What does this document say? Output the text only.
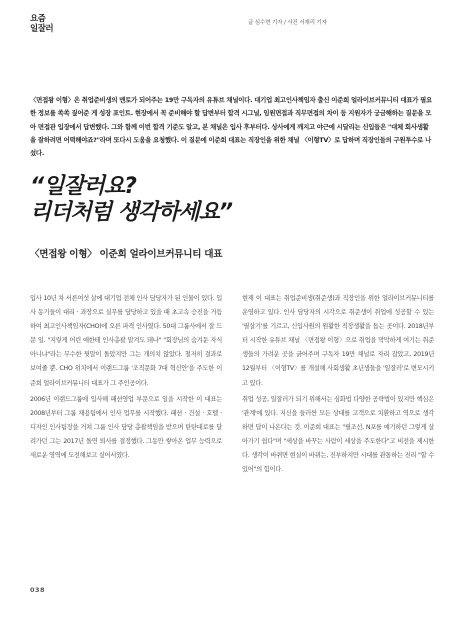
요즘
일잘러
글 심수현 기자 / 사진 서재리 기자
〈면접왕 이형〉은 취업준비생의 멘토가 되어주는 19만 구독자의 유튜브 채널이다. 대기업 최고인사책임자 출신 이준희 얼라이브커뮤니티 대표가 필요한 정보를 쏙쏙 짚어준 게 성장 포인트. 현장에서 꼭 준비해야 할 답변부터 합격 시그널, 임원면접과 직무면접의 차이 등 지원자가 궁금해하는 질문을 모아 면접관 입장에서 답변했다. 그와 함께 이번 합격 기준도 알고, 본 채널은 입사 후부터다. 상사에게 깨지고 야근에 시달리는 신입들은 "대체 회사생활을 잘하려면 어떡해야죠?"라며 또다시 도움을 요청했다. 이 질문에 이준희 대표는 직장인을 위한 채널 〈이형TV〉로 답하며 직장인들의 구원투수로 나섰다.
“일잘러요?
리더처럼 생각하세요”
〈면접왕 이형〉 이준희 얼라이브커뮤니티 대표

입사 10년 차 서른여섯 살에 대기업 전체 인사 담당자가 된 인물이 있다. 입사 동기들이 대리 · 과장으로 실무를 담당하고 있을 때 초고속 승진을 거듭하여 최고인사책임자(CHO)에 오른 파격 인사였다. 50대 그룹사에서 잘 드문 일. "지렇게 어린 애한테 인사총괄 맡겨도 돼나" "회장님의 숨겨둔 자식 아니냐"라는 무수한 뒷말이 돌았지만 그는 개의치 않았다. 철저히 결과로 보여줄 뿐. CHO 위치에서 이랜드그룹 '조직문화 7대 혁신안'을 주도한 이준희 얼라이브커뮤니티 대표가 그 주인공이다.

2006년 이랜드그룹에 입사해 패션영업 부문으로 일을 시작한 이 대표는 2008년부터 그룹 채용팀에서 인사 업무를 시작했다. 패션 · 건설 · 호텔 · 디자인 인사팀장을 거쳐 그룹 인사 담당 총괄책임을 받으며 탄탄대로를 달려가던 그는 2017년 돌연 퇴사를 결정했다. 그동안 쌓아온 업무 능력으로 새로운 영역에 도전해보고 싶어서였다.

현재 이 대표는 취업준비생(취준생)과 직장인을 위한 얼라이브커뮤니티를 운영하고 있다. 인사 담당자의 시각으로 취준생이 취업에 성공할 수 있는 '필살기'를 기르고, 신입사원의 원활한 직장생활을 돕는 곳이다. 2018년부터 시작한 유튜브 채널 〈면접왕 이형〉으로 취업을 막막하게 여기는 취준생들의 가려운 곳을 긁어주며 구독자 19만 채널로 자리 잡았고, 2019년 12월부터 〈이형TV〉를 개설해 사회생활 초년생들을 '일잘러'로 변모시키고 있다.

취업 성공, 일잘러가 되기 위해서는 심화법 다양한 공략법이 있지만 핵심은 '관계'에 있다. 지신을 들러싼 모든 상대를 고객으로 치환하고 역으로 생각하면 답이 나온다는 것. 이준희 대표는 "필조선, N포를 얘기하던 그렇게 살아가기 쉽다"며 "세상을 바꾸는 사람이 세상을 주도한다"고 비전을 제시한다. 생각이 바뀌면 현실이 바뀌는, 진부하지만 시대를 관통하는 진리 "할 수 있어"의 힘이다.

038
